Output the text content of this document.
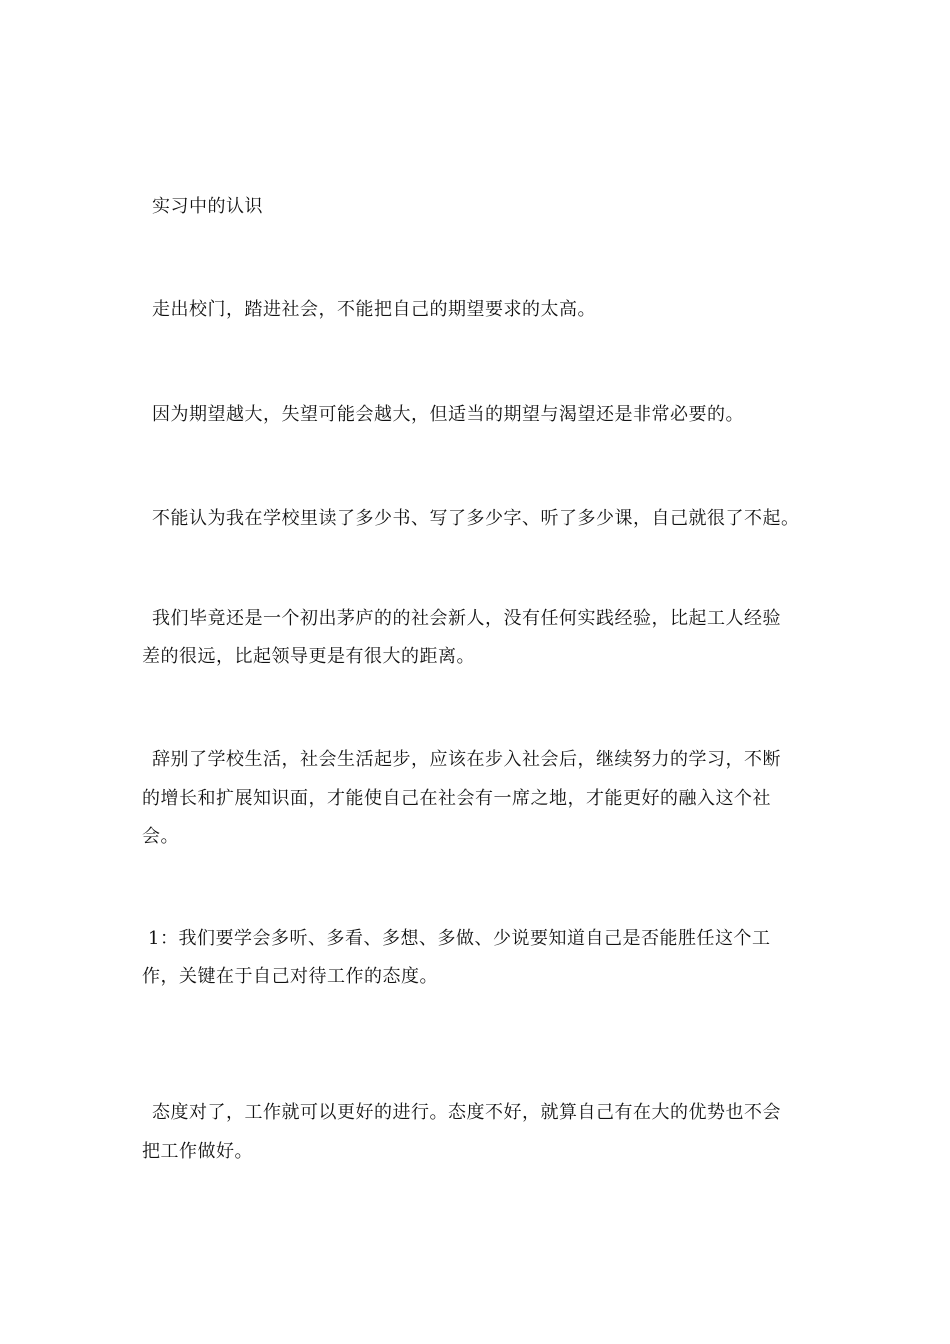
实习中的认识
走出校门，踏进社会，不能把自己的期望要求的太高。
因为期望越大，失望可能会越大，但适当的期望与渴望还是非常必要的。
不能认为我在学校里读了多少书、写了多少字、听了多少课，自己就很了不起。
我们毕竟还是一个初出茅庐的的社会新人，没有任何实践经验，比起工人经验
差的很远，比起领导更是有很大的距离。
辞别了学校生活，社会生活起步，应该在步入社会后，继续努力的学习，不断
的增长和扩展知识面，才能使自己在社会有一席之地，才能更好的融入这个社
会。
1：我们要学会多听、多看、多想、多做、少说要知道自己是否能胜任这个工
作，关键在于自己对待工作的态度。
态度对了，工作就可以更好的进行。态度不好，就算自己有在大的优势也不会
把工作做好。
